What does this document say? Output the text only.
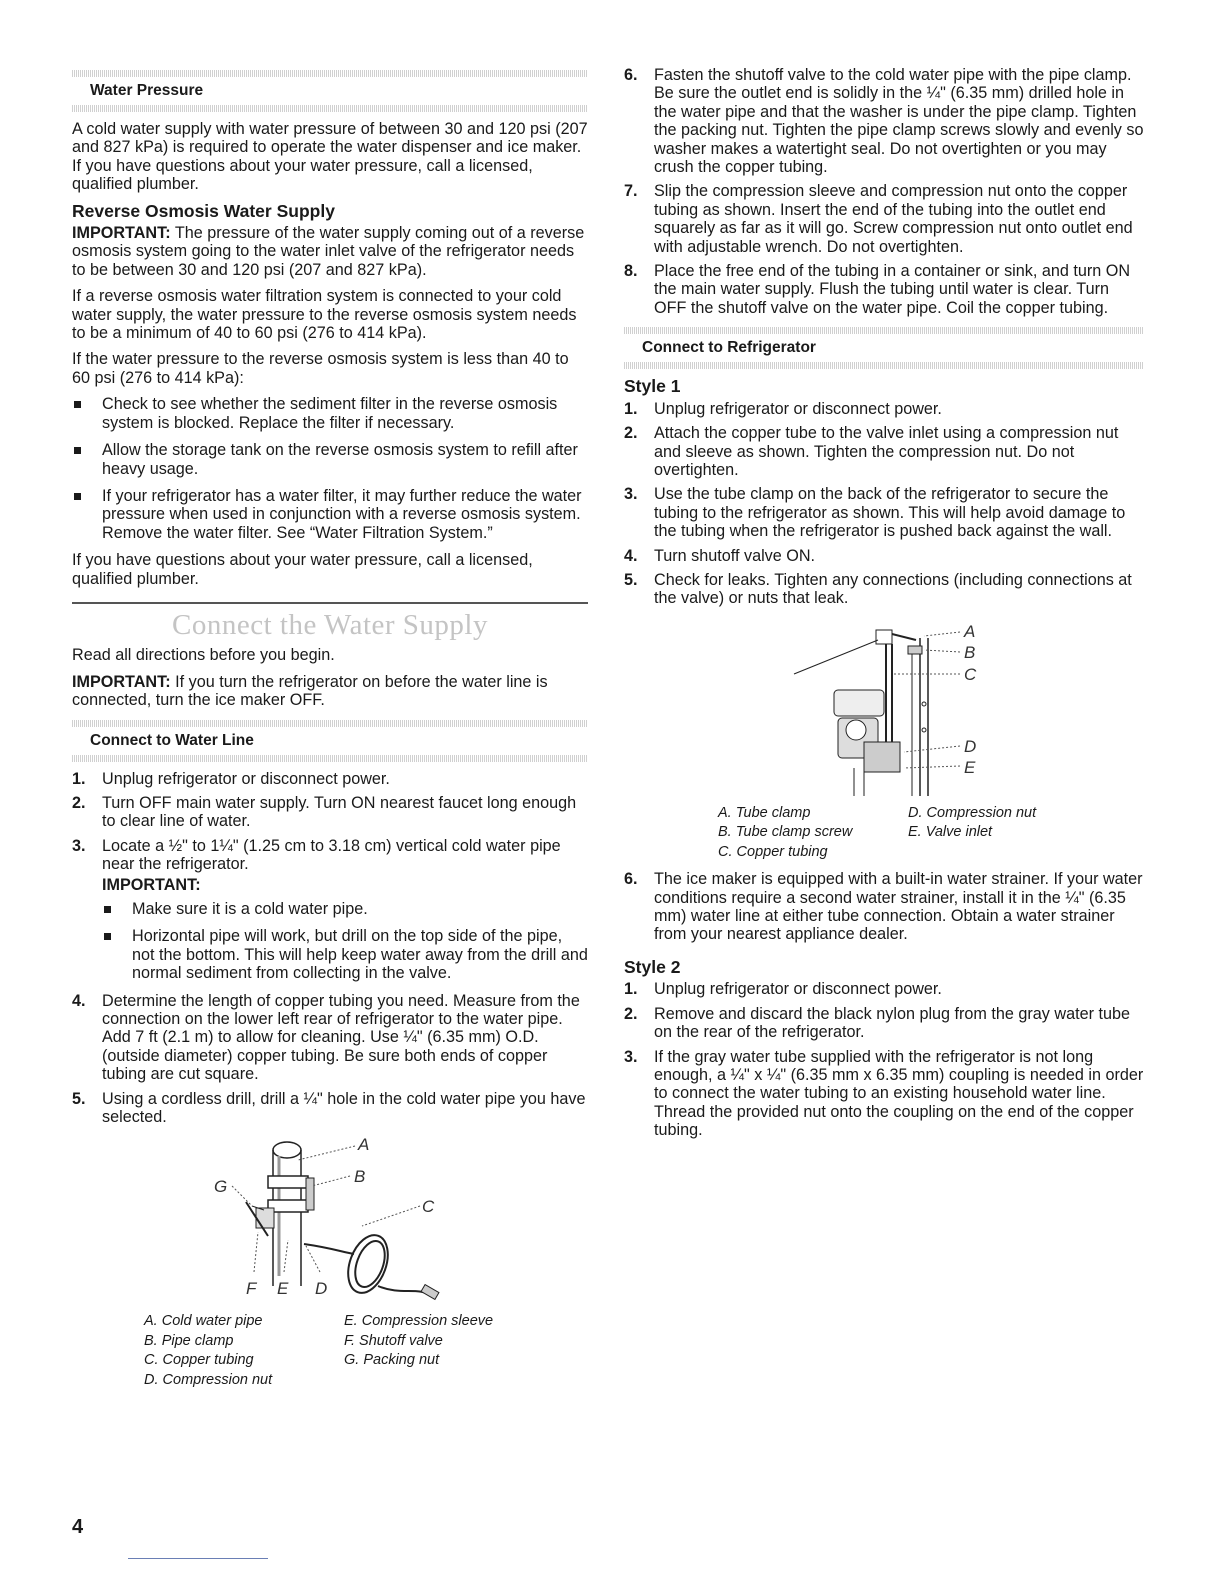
Water Pressure

A cold water supply with water pressure of between 30 and 120 psi (207 and 827 kPa) is required to operate the water dispenser and ice maker. If you have questions about your water pressure, call a licensed, qualified plumber.

Reverse Osmosis Water Supply

IMPORTANT: The pressure of the water supply coming out of a reverse osmosis system going to the water inlet valve of the refrigerator needs to be between 30 and 120 psi (207 and 827 kPa).

If a reverse osmosis water filtration system is connected to your cold water supply, the water pressure to the reverse osmosis system needs to be a minimum of 40 to 60 psi (276 to 414 kPa).

If the water pressure to the reverse osmosis system is less than 40 to 60 psi (276 to 414 kPa):

Check to see whether the sediment filter in the reverse osmosis system is blocked. Replace the filter if necessary.
Allow the storage tank on the reverse osmosis system to refill after heavy usage.
If your refrigerator has a water filter, it may further reduce the water pressure when used in conjunction with a reverse osmosis system. Remove the water filter. See “Water Filtration System.”

If you have questions about your water pressure, call a licensed, qualified plumber.

Connect the Water Supply

Read all directions before you begin.

IMPORTANT: If you turn the refrigerator on before the water line is connected, turn the ice maker OFF.

Connect to Water Line
1. Unplug refrigerator or disconnect power.
2. Turn OFF main water supply. Turn ON nearest faucet long enough to clear line of water.
3. Locate a ½" to 1¼" (1.25 cm to 3.18 cm) vertical cold water pipe near the refrigerator.
IMPORTANT:
Make sure it is a cold water pipe.
Horizontal pipe will work, but drill on the top side of the pipe, not the bottom. This will help keep water away from the drill and normal sediment from collecting in the valve.
4. Determine the length of copper tubing you need. Measure from the connection on the lower left rear of refrigerator to the water pipe. Add 7 ft (2.1 m) to allow for cleaning. Use ¼" (6.35 mm) O.D. (outside diameter) copper tubing. Be sure both ends of copper tubing are cut square.
5. Using a cordless drill, drill a ¼" hole in the cold water pipe you have selected.
A
B
C
D
E
F
G
A. Cold water pipe
B. Pipe clamp
C. Copper tubing
D. Compression nut
E. Compression sleeve
F. Shutoff valve
G. Packing nut
6. Fasten the shutoff valve to the cold water pipe with the pipe clamp. Be sure the outlet end is solidly in the ¼" (6.35 mm) drilled hole in the water pipe and that the washer is under the pipe clamp. Tighten the packing nut. Tighten the pipe clamp screws slowly and evenly so washer makes a watertight seal. Do not overtighten or you may crush the copper tubing.
7. Slip the compression sleeve and compression nut onto the copper tubing as shown. Insert the end of the tubing into the outlet end squarely as far as it will go. Screw compression nut onto outlet end with adjustable wrench. Do not overtighten.
8. Place the free end of the tubing in a container or sink, and turn ON the main water supply. Flush the tubing until water is clear. Turn OFF the shutoff valve on the water pipe. Coil the copper tubing.
Connect to Refrigerator
Style 1
1. Unplug refrigerator or disconnect power.
2. Attach the copper tube to the valve inlet using a compression nut and sleeve as shown. Tighten the compression nut. Do not overtighten.
3. Use the tube clamp on the back of the refrigerator to secure the tubing to the refrigerator as shown. This will help avoid damage to the tubing when the refrigerator is pushed back against the wall.
4. Turn shutoff valve ON.
5. Check for leaks. Tighten any connections (including connections at the valve) or nuts that leak.
A
B
C
D
E
A. Tube clamp
B. Tube clamp screw
C. Copper tubing
D. Compression nut
E. Valve inlet
6. The ice maker is equipped with a built-in water strainer. If your water conditions require a second water strainer, install it in the ¼" (6.35 mm) water line at either tube connection. Obtain a water strainer from your nearest appliance dealer.
Style 2
1. Unplug refrigerator or disconnect power.
2. Remove and discard the black nylon plug from the gray water tube on the rear of the refrigerator.
3. If the gray water tube supplied with the refrigerator is not long enough, a ¼" x ¼" (6.35 mm x 6.35 mm) coupling is needed in order to connect the water tubing to an existing household water line. Thread the provided nut onto the coupling on the end of the copper tubing.
4
